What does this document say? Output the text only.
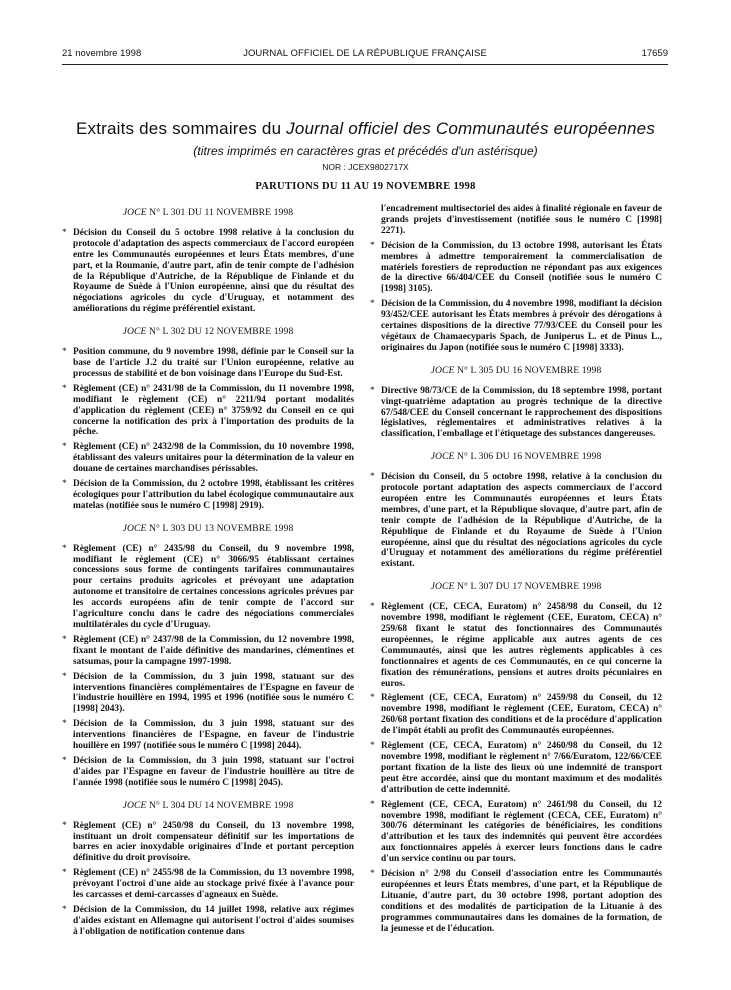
21 novembre 1998	JOURNAL OFFICIEL DE LA RÉPUBLIQUE FRANÇAISE	17659
Extraits des sommaires du Journal officiel des Communautés européennes
(titres imprimés en caractères gras et précédés d'un astérisque)
NOR : JCEX9802717X
PARUTIONS DU 11 AU 19 NOVEMBRE 1998
JOCE N° L 301 DU 11 NOVEMBRE 1998
* Décision du Conseil du 5 octobre 1998 relative à la conclusion du protocole d'adaptation des aspects commerciaux de l'accord européen entre les Communautés européennes et leurs États membres, d'une part, et la Roumanie, d'autre part, afin de tenir compte de l'adhésion de la République d'Autriche, de la République de Finlande et du Royaume de Suède à l'Union européenne, ainsi que du résultat des négociations agricoles du cycle d'Uruguay, et notamment des améliorations du régime préférentiel existant.
JOCE N° L 302 DU 12 NOVEMBRE 1998
* Position commune, du 9 novembre 1998, définie par le Conseil sur la base de l'article J.2 du traité sur l'Union européenne, relative au processus de stabilité et de bon voisinage dans l'Europe du Sud-Est.
* Règlement (CE) n° 2431/98 de la Commission, du 11 novembre 1998, modifiant le règlement (CE) n° 2211/94 portant modalités d'application du règlement (CEE) n° 3759/92 du Conseil en ce qui concerne la notification des prix à l'importation des produits de la pêche.
* Règlement (CE) n° 2432/98 de la Commission, du 10 novembre 1998, établissant des valeurs unitaires pour la détermination de la valeur en douane de certaines marchandises périssables.
* Décision de la Commission, du 2 octobre 1998, établissant les critères écologiques pour l'attribution du label écologique communautaire aux matelas (notifiée sous le numéro C [1998] 2919).
JOCE N° L 303 DU 13 NOVEMBRE 1998
* Règlement (CE) n° 2435/98 du Conseil, du 9 novembre 1998, modifiant le règlement (CE) n° 3066/95 établissant certaines concessions sous forme de contingents tarifaires communautaires pour certains produits agricoles et prévoyant une adaptation autonome et transitoire de certaines concessions agricoles prévues par les accords européens afin de tenir compte de l'accord sur l'agriculture conclu dans le cadre des négociations commerciales multilatérales du cycle d'Uruguay.
* Règlement (CE) n° 2437/98 de la Commission, du 12 novembre 1998, fixant le montant de l'aide définitive des mandarines, clémentines et satsumas, pour la campagne 1997-1998.
* Décision de la Commission, du 3 juin 1998, statuant sur des interventions financières complémentaires de l'Espagne en faveur de l'industrie houillère en 1994, 1995 et 1996 (notifiée sous le numéro C [1998] 2043).
* Décision de la Commission, du 3 juin 1998, statuant sur des interventions financières de l'Espagne, en faveur de l'industrie houillère en 1997 (notifiée sous le numéro C [1998] 2044).
* Décision de la Commission, du 3 juin 1998, statuant sur l'octroi d'aides par l'Espagne en faveur de l'industrie houillère au titre de l'année 1998 (notifiée sous le numéro C [1998] 2045).
JOCE N° L 304 DU 14 NOVEMBRE 1998
* Règlement (CE) n° 2450/98 du Conseil, du 13 novembre 1998, instituant un droit compensateur définitif sur les importations de barres en acier inoxydable originaires d'Inde et portant perception définitive du droit provisoire.
* Règlement (CE) n° 2455/98 de la Commission, du 13 novembre 1998, prévoyant l'octroi d'une aide au stockage privé fixée à l'avance pour les carcasses et demi-carcasses d'agneaux en Suède.
* Décision de la Commission, du 14 juillet 1998, relative aux régimes d'aides existant en Allemagne qui autorisent l'octroi d'aides soumises à l'obligation de notification contenue dans
l'encadrement multisectoriel des aides à finalité régionale en faveur de grands projets d'investissement (notifiée sous le numéro C [1998] 2271).
* Décision de la Commission, du 13 octobre 1998, autorisant les États membres à admettre temporairement la commercialisation de matériels forestiers de reproduction ne répondant pas aux exigences de la directive 66/404/CEE du Conseil (notifiée sous le numéro C [1998] 3105).
* Décision de la Commission, du 4 novembre 1998, modifiant la décision 93/452/CEE autorisant les États membres à prévoir des dérogations à certaines dispositions de la directive 77/93/CEE du Conseil pour les végétaux de Chamaecyparis Spach, de Juniperus L. et de Pinus L., originaires du Japon (notifiée sous le numéro C [1998] 3333).
JOCE N° L 305 DU 16 NOVEMBRE 1998
* Directive 98/73/CE de la Commission, du 18 septembre 1998, portant vingt-quatrième adaptation au progrès technique de la directive 67/548/CEE du Conseil concernant le rapprochement des dispositions législatives, réglementaires et administratives relatives à la classification, l'emballage et l'étiquetage des substances dangereuses.
JOCE N° L 306 DU 16 NOVEMBRE 1998
* Décision du Conseil, du 5 octobre 1998, relative à la conclusion du protocole portant adaptation des aspects commerciaux de l'accord européen entre les Communautés européennes et leurs États membres, d'une part, et la République slovaque, d'autre part, afin de tenir compte de l'adhésion de la République d'Autriche, de la République de Finlande et du Royaume de Suède à l'Union européenne, ainsi que du résultat des négociations agricoles du cycle d'Uruguay et notamment des améliorations du régime préférentiel existant.
JOCE N° L 307 DU 17 NOVEMBRE 1998
* Règlement (CE, CECA, Euratom) n° 2458/98 du Conseil, du 12 novembre 1998, modifiant le règlement (CEE, Euratom, CECA) n° 259/68 fixant le statut des fonctionnaires des Communautés européennes, le régime applicable aux autres agents de ces Communautés, ainsi que les autres règlements applicables à ces fonctionnaires et agents de ces Communautés, en ce qui concerne la fixation des rémunérations, pensions et autres droits pécuniaires en euros.
* Règlement (CE, CECA, Euratom) n° 2459/98 du Conseil, du 12 novembre 1998, modifiant le règlement (CEE, Euratom, CECA) n° 260/68 portant fixation des conditions et de la procédure d'application de l'impôt établi au profit des Communautés européennes.
* Règlement (CE, CECA, Euratom) n° 2460/98 du Conseil, du 12 novembre 1998, modifiant le règlement n° 7/66/Euratom, 122/66/CEE portant fixation de la liste des lieux où une indemnité de transport peut être accordée, ainsi que du montant maximum et des modalités d'attribution de cette indemnité.
* Règlement (CE, CECA, Euratom) n° 2461/98 du Conseil, du 12 novembre 1998, modifiant le règlement (CECA, CEE, Euratom) n° 300/76 déterminant les catégories de bénéficiaires, les conditions d'attribution et les taux des indemnités qui peuvent être accordées aux fonctionnaires appelés à exercer leurs fonctions dans le cadre d'un service continu ou par tours.
* Décision n° 2/98 du Conseil d'association entre les Communautés européennes et leurs États membres, d'une part, et la République de Lituanie, d'autre part, du 30 octobre 1998, portant adoption des conditions et des modalités de participation de la Lituanie à des programmes communautaires dans les domaines de la formation, de la jeunesse et de l'éducation.
